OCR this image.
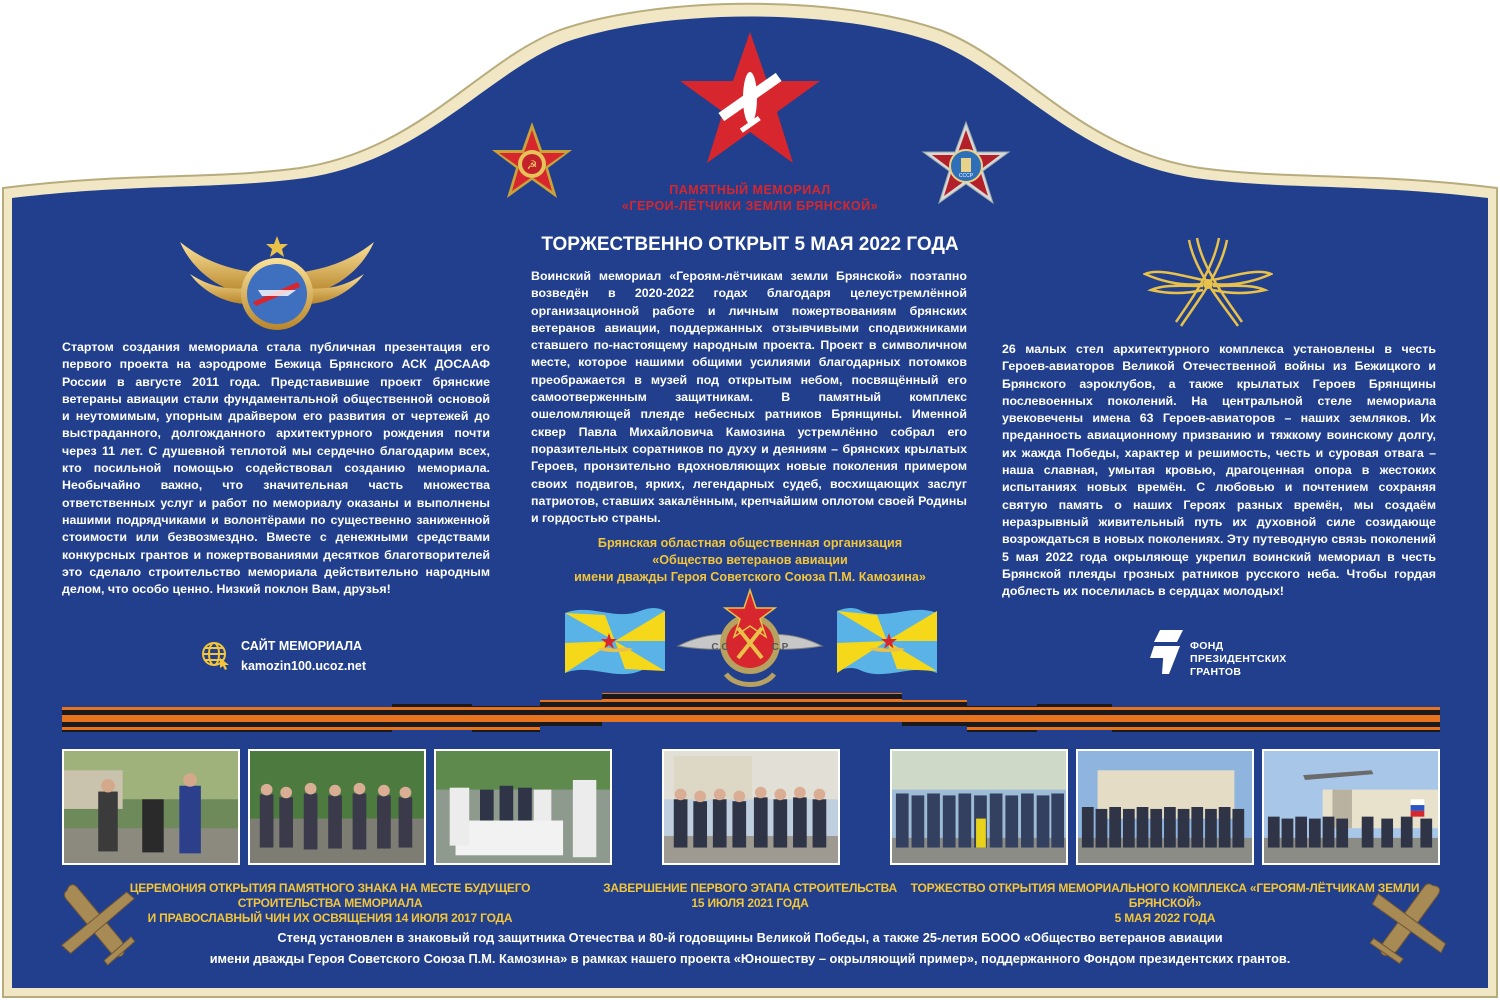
☭
СССР
ПАМЯТНЫЙ МЕМОРИАЛ
«ГЕРОИ-ЛЁТЧИКИ ЗЕМЛИ БРЯНСКОЙ»
ТОРЖЕСТВЕННО ОТКРЫТ 5 МАЯ 2022 ГОДА
Стартом создания мемориала стала публичная презентация его первого проекта на аэродроме Бежица Брянского АСК ДОСААФ России в августе 2011 года. Представившие проект брянские ветераны авиации стали фундаментальной общественной основой и неутомимым, упорным драйвером его развития от чертежей до выстраданного, долгожданного архитектурного рождения почти через 11 лет. С душевной теплотой мы сердечно благодарим всех, кто посильной помощью содействовал созданию мемориала. Необычайно важно, что значительная часть множества ответственных услуг и работ по мемориалу оказаны и выполнены нашими подрядчиками и волонтёрами по существенно заниженной стоимости или безвозмездно. Вместе с денежными средствами конкурсных грантов и пожертвованиями десятков благотворителей это сделало строительство мемориала действительно народным делом, что особо ценно. Низкий поклон Вам, друзья!
Воинский мемориал «Героям-лётчикам земли Брянской» поэтапно возведён в 2020-2022 годах благодаря целеустремлённой организационной работе и личным пожертвованиям брянских ветеранов авиации, поддержанных отзывчивыми сподвижниками ставшего по-настоящему народным проекта. Проект в символичном месте, которое нашими общими усилиями благодарных потомков преображается в музей под открытым небом, посвящённый его самоотверженным защитникам. В памятный комплекс ошеломляющей плеяде небесных ратников Брянщины. Именной сквер Павла Михайловича Камозина устремлённо собрал его поразительных соратников по духу и деяниям – брянских крылатых Героев, пронзительно вдохновляющих новые поколения примером своих подвигов, ярких, легендарных судеб, восхищающих заслуг патриотов, ставших закалённым, крепчайшим оплотом своей Родины и гордостью страны.
26 малых стел архитектурного комплекса установлены в честь Героев-авиаторов Великой Отечественной войны из Бежицкого и Брянского аэроклубов, а также крылатых Героев Брянщины послевоенных поколений. На центральной стеле мемориала увековечены имена 63 Героев-авиаторов – наших земляков. Их преданность авиационному призванию и тяжкому воинскому долгу, их жажда Победы, характер и решимость, честь и суровая отвага – наша славная, умытая кровью, драгоценная опора в жестоких испытаниях новых времён. С любовью и почтением сохраняя святую память о наших Героях разных времён, мы создаём неразрывный живительный путь их духовной силе созидающе возрождаться в новых поколениях. Эту путеводную связь поколений 5 мая 2022 года окрыляюще укрепил воинский мемориал в честь Брянской плеяды грозных ратников русского неба. Чтобы гордая доблесть их поселилась в сердцах молодых!
Брянская областная общественная организация
«Общество ветеранов авиации
имени дважды Героя Советского Союза П.М. Камозина»
САЙТ МЕМОРИАЛА
kamozin100.ucoz.net
ФОНД
ПРЕЗИДЕНТСКИХ
ГРАНТОВ
С.С	С.Р
ЦЕРЕМОНИЯ ОТКРЫТИЯ ПАМЯТНОГО ЗНАКА НА МЕСТЕ БУДУЩЕГО СТРОИТЕЛЬСТВА МЕМОРИАЛА
И ПРАВОСЛАВНЫЙ ЧИН ИХ ОСВЯЩЕНИЯ 14 ИЮЛЯ 2017 ГОДА
ЗАВЕРШЕНИЕ ПЕРВОГО ЭТАПА СТРОИТЕЛЬСТВА
15 ИЮЛЯ 2021 ГОДА
ТОРЖЕСТВО ОТКРЫТИЯ МЕМОРИАЛЬНОГО КОМПЛЕКСА «ГЕРОЯМ-ЛЁТЧИКАМ ЗЕМЛИ БРЯНСКОЙ»
5 МАЯ 2022 ГОДА
Стенд установлен в знаковый год защитника Отечества и 80-й годовщины Великой Победы, а также 25-летия БООО «Общество ветеранов авиации
имени дважды Героя Советского Союза П.М. Камозина» в рамках нашего проекта «Юношеству – окрыляющий пример», поддержанного Фондом президентских грантов.
